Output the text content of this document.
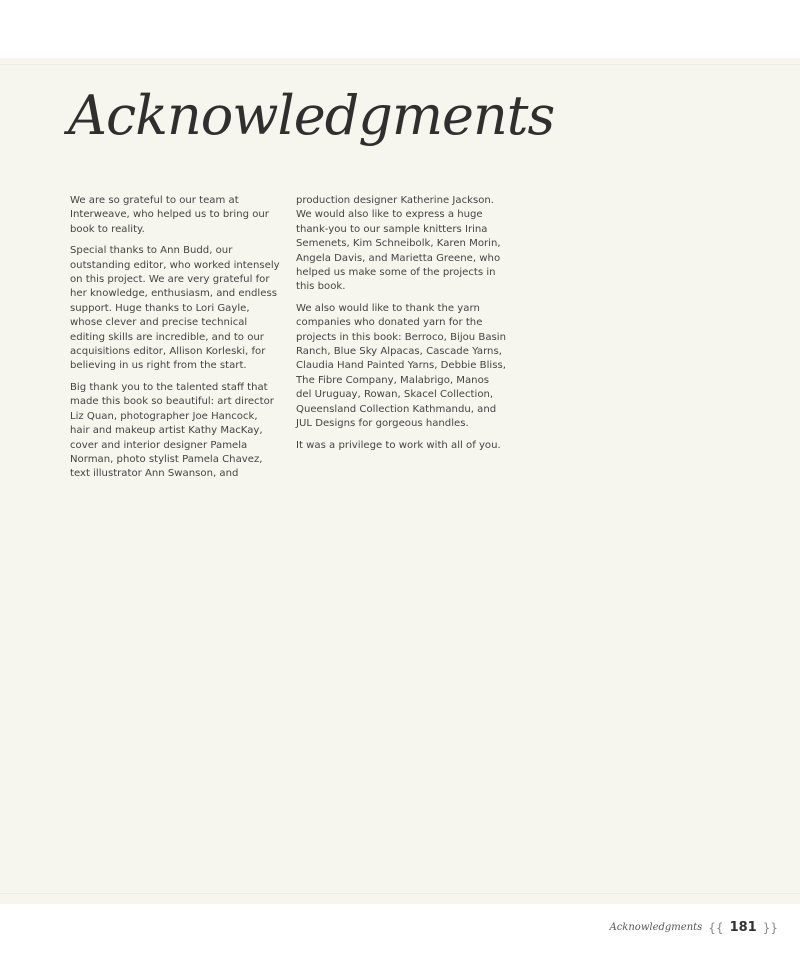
Acknowledgments

We are so grateful to our team at Interweave, who helped us to bring our book to reality.

Special thanks to Ann Budd, our outstanding editor, who worked intensely on this project. We are very grateful for her knowledge, enthusiasm, and endless support. Huge thanks to Lori Gayle, whose clever and precise technical editing skills are incredible, and to our acquisitions editor, Allison Korleski, for believing in us right from the start.

Big thank you to the talented staff that made this book so beautiful: art director Liz Quan, photographer Joe Hancock, hair and makeup artist Kathy MacKay, cover and interior designer Pamela Norman, photo stylist Pamela Chavez, text illustrator Ann Swanson, and

production designer Katherine Jackson. We would also like to express a huge thank-you to our sample knitters Irina Semenets, Kim Schneibolk, Karen Morin, Angela Davis, and Marietta Greene, who helped us make some of the projects in this book.

We also would like to thank the yarn companies who donated yarn for the projects in this book: Berroco, Bijou Basin Ranch, Blue Sky Alpacas, Cascade Yarns, Claudia Hand Painted Yarns, Debbie Bliss, The Fibre Company, Malabrigo, Manos del Uruguay, Rowan, Skacel Collection, Queensland Collection Kathmandu, and JUL Designs for gorgeous handles.

It was a privilege to work with all of you.

Acknowledgments {{ 181 }}
